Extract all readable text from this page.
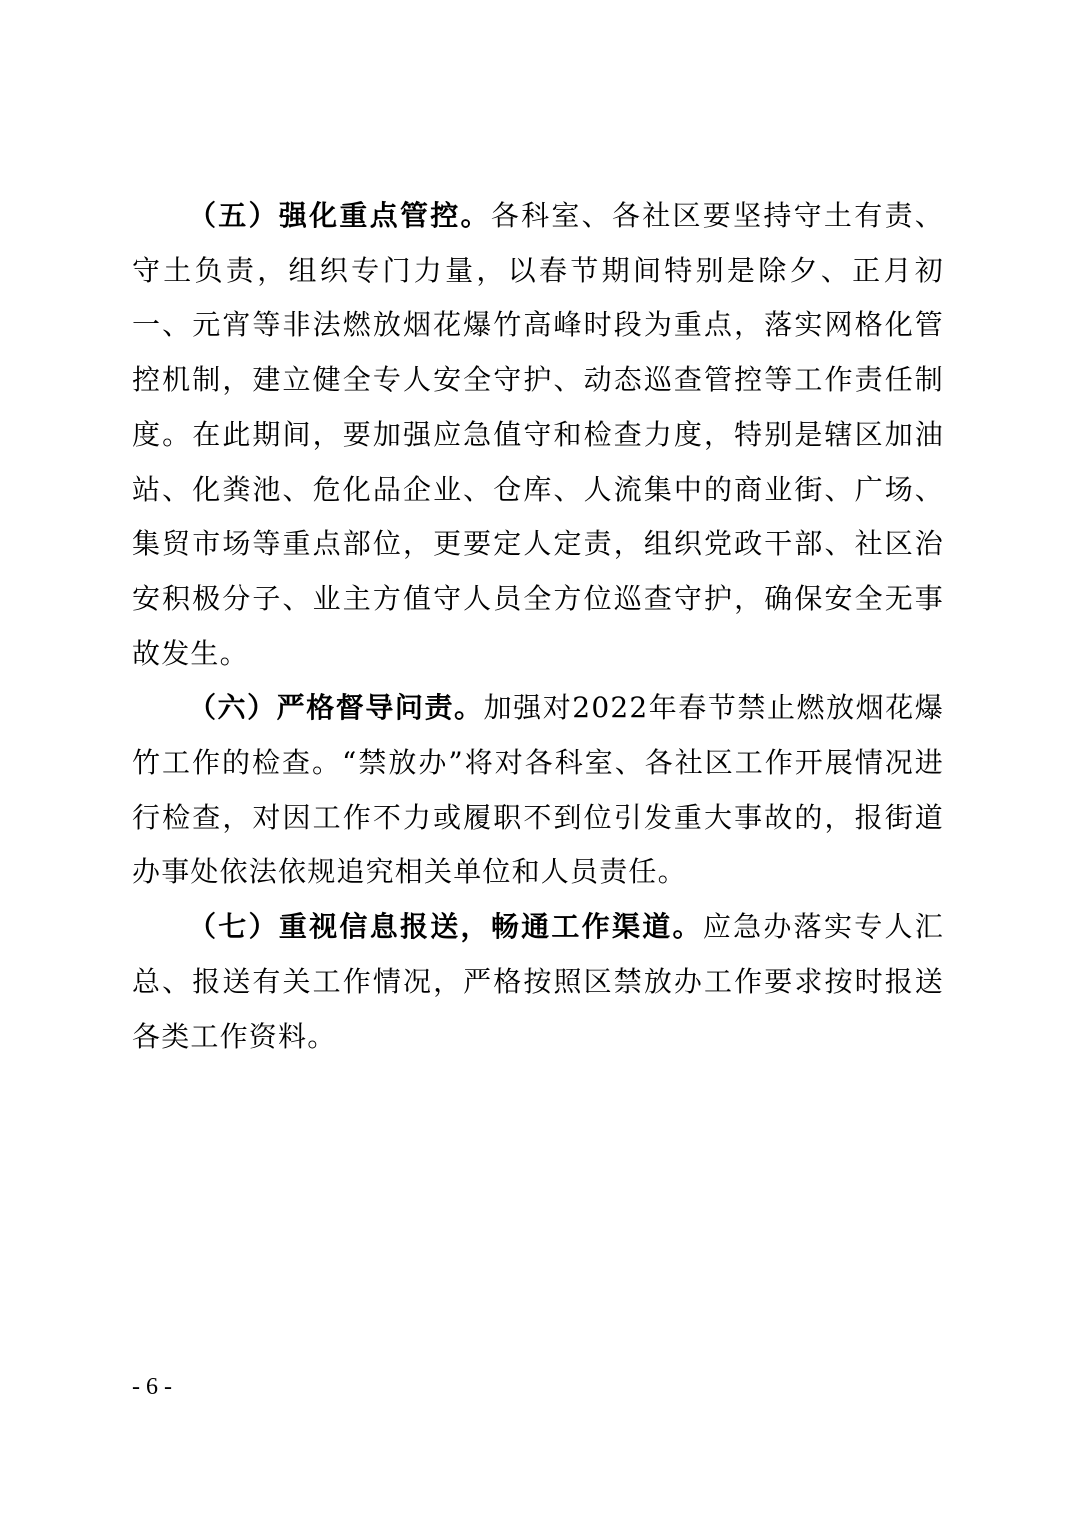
（五）强化重点管控。各科室、各社区要坚持守土有责、守土负责，组织专门力量，以春节期间特别是除夕、正月初一、元宵等非法燃放烟花爆竹高峰时段为重点，落实网格化管控机制，建立健全专人安全守护、动态巡查管控等工作责任制度。在此期间，要加强应急值守和检查力度，特别是辖区加油站、化粪池、危化品企业、仓库、人流集中的商业街、广场、集贸市场等重点部位，更要定人定责，组织党政干部、社区治安积极分子、业主方值守人员全方位巡查守护，确保安全无事故发生。

（六）严格督导问责。加强对2022年春节禁止燃放烟花爆竹工作的检查。“禁放办”将对各科室、各社区工作开展情况进行检查，对因工作不力或履职不到位引发重大事故的，报街道办事处依法依规追究相关单位和人员责任。

（七）重视信息报送，畅通工作渠道。应急办落实专人汇总、报送有关工作情况，严格按照区禁放办工作要求按时报送各类工作资料。

- 6 -
